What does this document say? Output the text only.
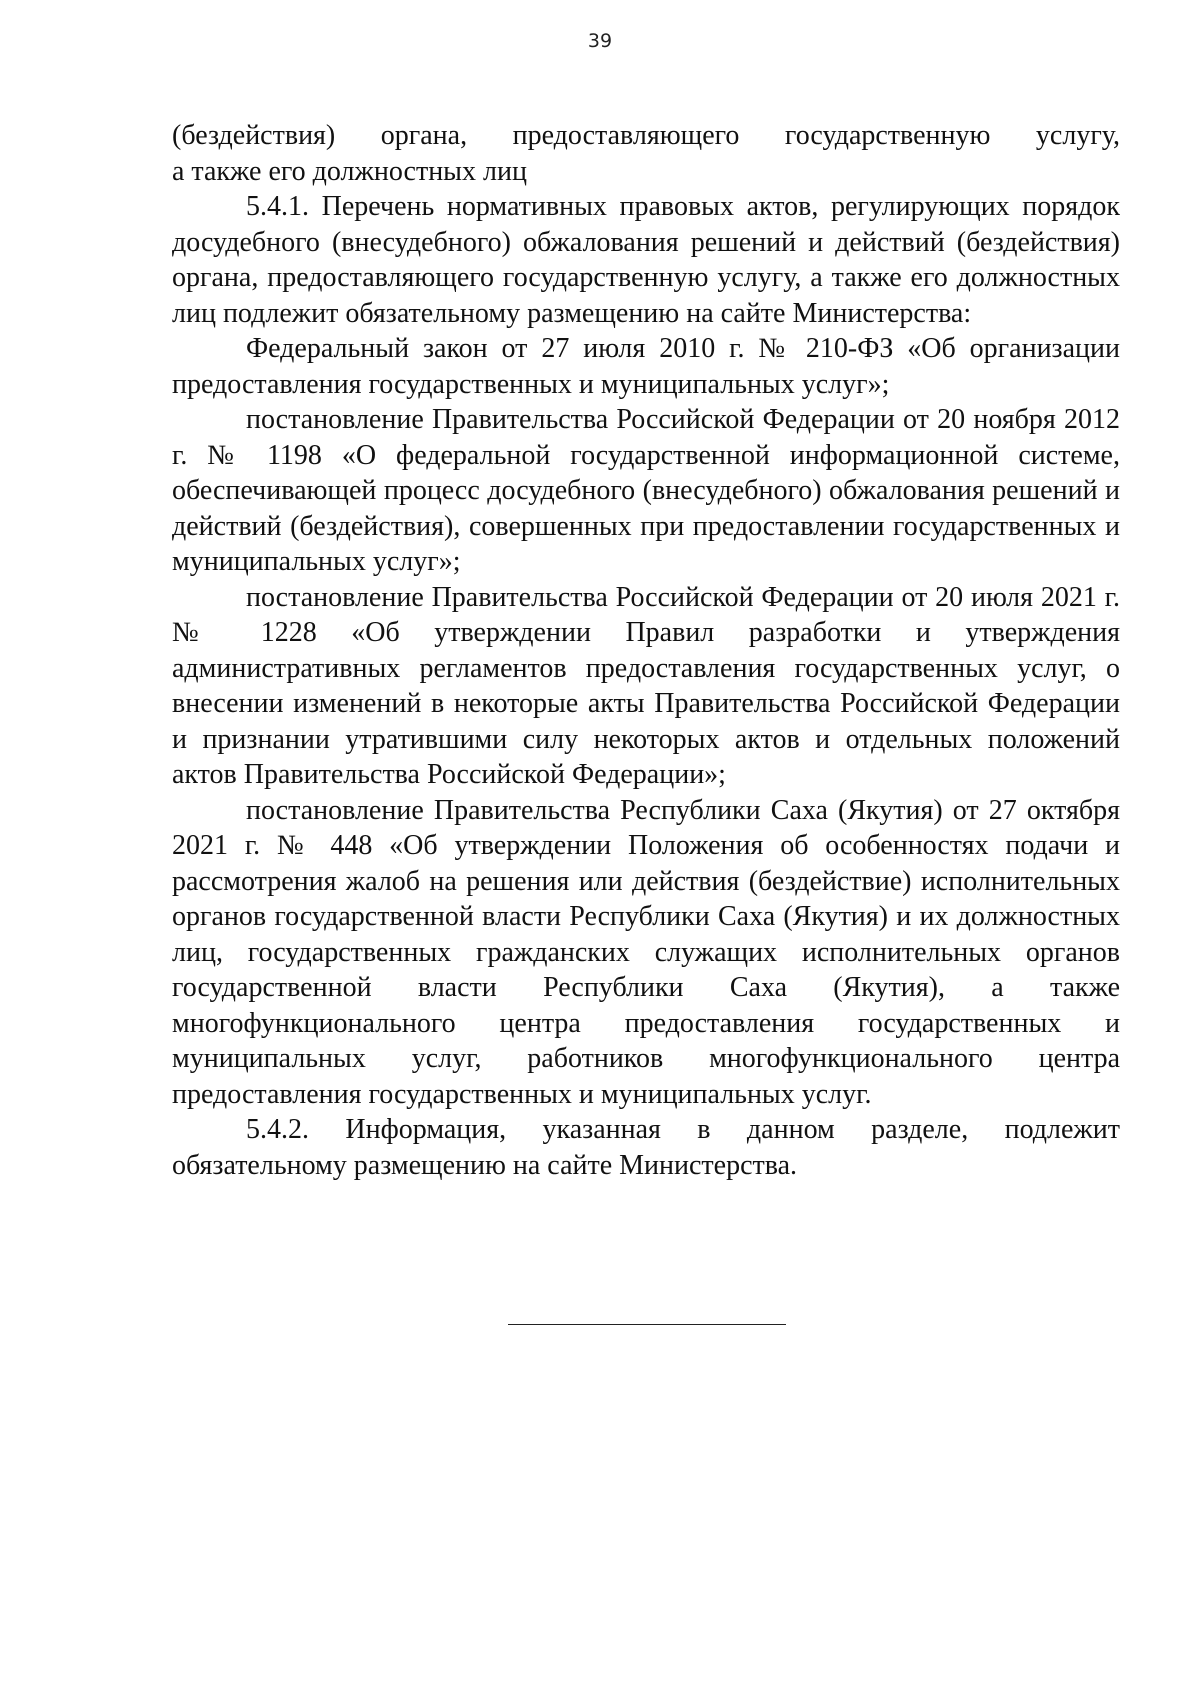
39

(бездействия) органа, предоставляющего государственную услугу,
а также его должностных лиц

5.4.1. Перечень нормативных правовых актов, регулирующих порядок досудебного (внесудебного) обжалования решений и действий (бездействия) органа, предоставляющего государственную услугу, а также его должностных лиц подлежит обязательному размещению на сайте Министерства:

Федеральный закон от 27 июля 2010 г. № 210-ФЗ «Об организации предоставления государственных и муниципальных услуг»;

постановление Правительства Российской Федерации от 20 ноября 2012 г. № 1198 «О федеральной государственной информационной системе, обеспечивающей процесс досудебного (внесудебного) обжалования решений и действий (бездействия), совершенных при предоставлении государственных и муниципальных услуг»;

постановление Правительства Российской Федерации от 20 июля 2021 г. № 1228 «Об утверждении Правил разработки и утверждения административных регламентов предоставления государственных услуг, о внесении изменений в некоторые акты Правительства Российской Федерации и признании утратившими силу некоторых актов и отдельных положений актов Правительства Российской Федерации»;

постановление Правительства Республики Саха (Якутия) от 27 октября 2021 г. № 448 «Об утверждении Положения об особенностях подачи и рассмотрения жалоб на решения или действия (бездействие) исполнительных органов государственной власти Республики Саха (Якутия) и их должностных лиц, государственных гражданских служащих исполнительных органов государственной власти Республики Саха (Якутия), а также многофункционального центра предоставления государственных и муниципальных услуг, работников многофункционального центра предоставления государственных и муниципальных услуг.

5.4.2. Информация, указанная в данном разделе, подлежит обязательному размещению на сайте Министерства.
